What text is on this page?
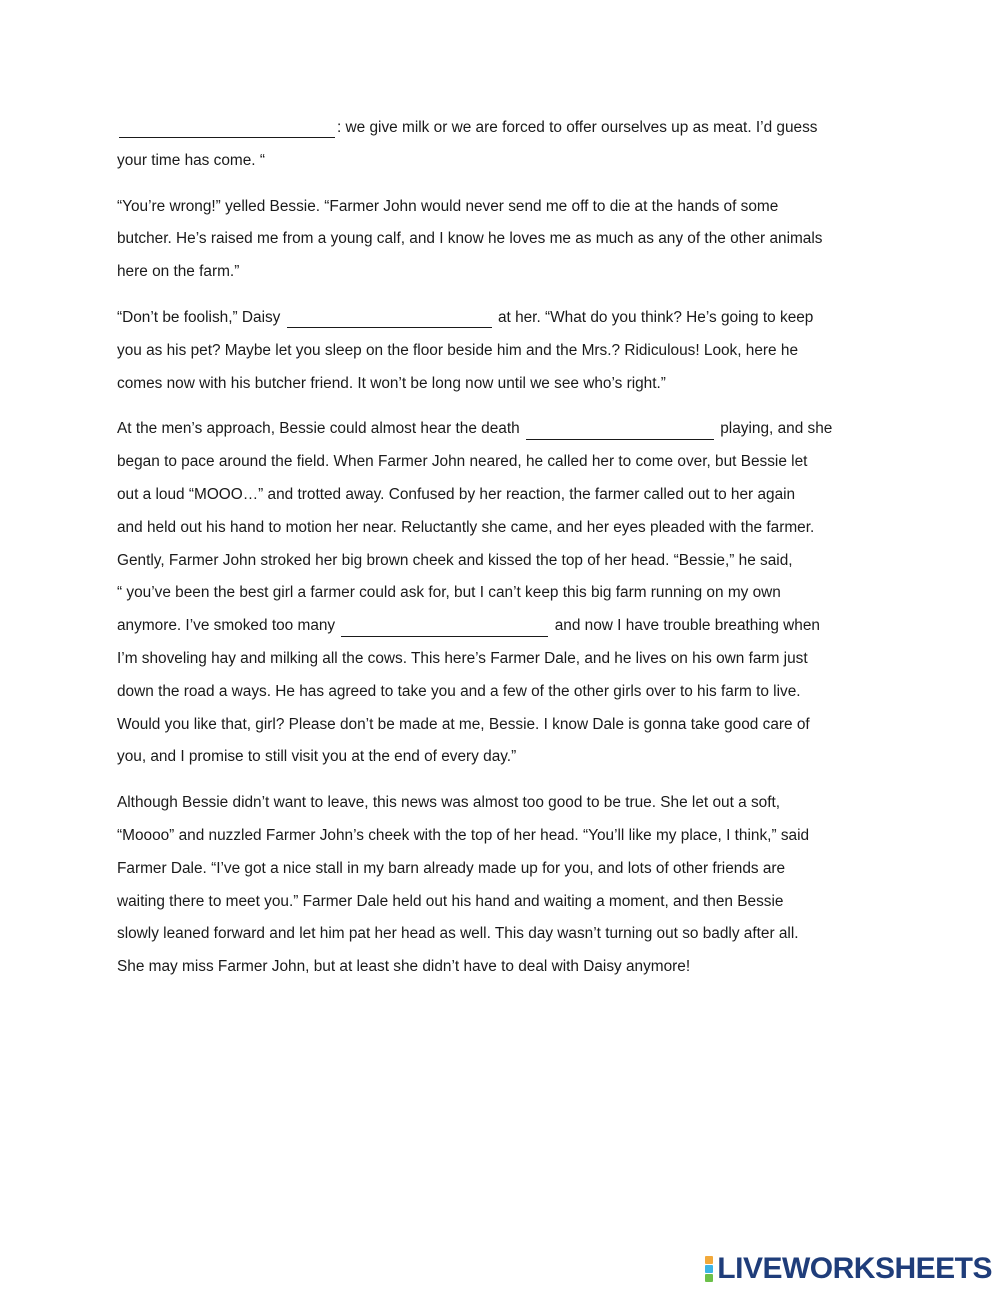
: we give milk or we are forced to offer ourselves up as meat. I’d guess
your time has come. “

“You’re wrong!” yelled Bessie. “Farmer John would never send me off to die at the hands of some
butcher. He’s raised me from a young calf, and I know he loves me as much as any of the other animals
here on the farm.”

“Don’t be foolish,” Daisy	at her. “What do you think? He’s going to keep
you as his pet? Maybe let you sleep on the floor beside him and the Mrs.? Ridiculous! Look, here he
comes now with his butcher friend. It won’t be long now until we see who’s right.”

At the men’s approach, Bessie could almost hear the death	playing, and she
began to pace around the field. When Farmer John neared, he called her to come over, but Bessie let
out a loud “MOOO…” and trotted away. Confused by her reaction, the farmer called out to her again
and held out his hand to motion her near. Reluctantly she came, and her eyes pleaded with the farmer.
Gently, Farmer John stroked her big brown cheek and kissed the top of her head. “Bessie,” he said,
“ you’ve been the best girl a farmer could ask for, but I can’t keep this big farm running on my own
anymore. I’ve smoked too many	and now I have trouble breathing when
I’m shoveling hay and milking all the cows. This here’s Farmer Dale, and he lives on his own farm just
down the road a ways. He has agreed to take you and a few of the other girls over to his farm to live.
Would you like that, girl? Please don’t be made at me, Bessie. I know Dale is gonna take good care of
you, and I promise to still visit you at the end of every day.”

Although Bessie didn’t want to leave, this news was almost too good to be true. She let out a soft,
“Moooo” and nuzzled Farmer John’s cheek with the top of her head. “You’ll like my place, I think,” said
Farmer Dale. “I’ve got a nice stall in my barn already made up for you, and lots of other friends are
waiting there to meet you.” Farmer Dale held out his hand and waiting a moment, and then Bessie
slowly leaned forward and let him pat her head as well. This day wasn’t turning out so badly after all.
She may miss Farmer John, but at least she didn’t have to deal with Daisy anymore!

LIVEWORKSHEETS
